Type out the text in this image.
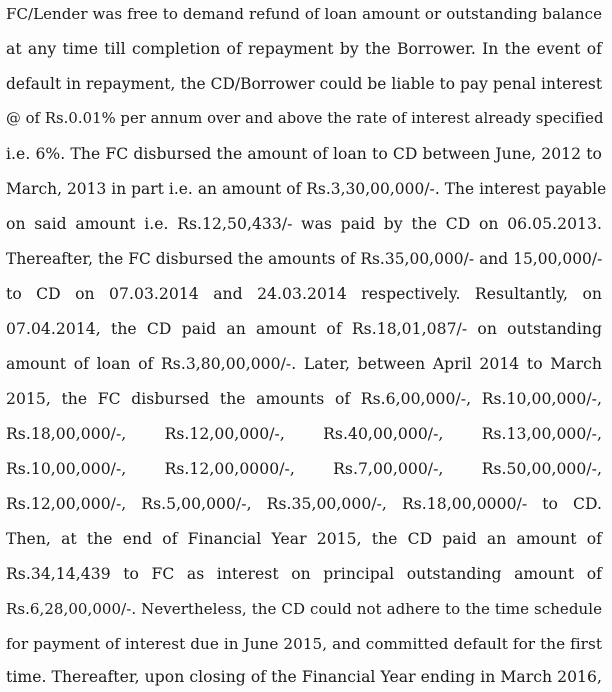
FC/Lender was free to demand refund of loan amount or outstanding balance
at any time till completion of repayment by the Borrower. In the event of
default in repayment, the CD/Borrower could be liable to pay penal interest
@ of Rs.0.01% per annum over and above the rate of interest already specified
i.e. 6%. The FC disbursed the amount of loan to CD between June, 2012 to
March, 2013 in part i.e. an amount of Rs.3,30,00,000/-. The interest payable
on said amount i.e. Rs.12,50,433/- was paid by the CD on 06.05.2013.
Thereafter, the FC disbursed the amounts of Rs.35,00,000/- and 15,00,000/-
to CD on 07.03.2014 and 24.03.2014 respectively. Resultantly, on
07.04.2014, the CD paid an amount of Rs.18,01,087/- on outstanding
amount of loan of Rs.3,80,00,000/-. Later, between April 2014 to March
2015, the FC disbursed the amounts of Rs.6,00,000/-, Rs.10,00,000/-,
Rs.18,00,000/-, Rs.12,00,000/-, Rs.40,00,000/-, Rs.13,00,000/-,
Rs.10,00,000/-, Rs.12,00,0000/-, Rs.7,00,000/-, Rs.50,00,000/-,
Rs.12,00,000/-, Rs.5,00,000/-, Rs.35,00,000/-, Rs.18,00,0000/- to CD.
Then, at the end of Financial Year 2015, the CD paid an amount of
Rs.34,14,439 to FC as interest on principal outstanding amount of
Rs.6,28,00,000/-. Nevertheless, the CD could not adhere to the time schedule
for payment of interest due in June 2015, and committed default for the first
time. Thereafter, upon closing of the Financial Year ending in March 2016,
